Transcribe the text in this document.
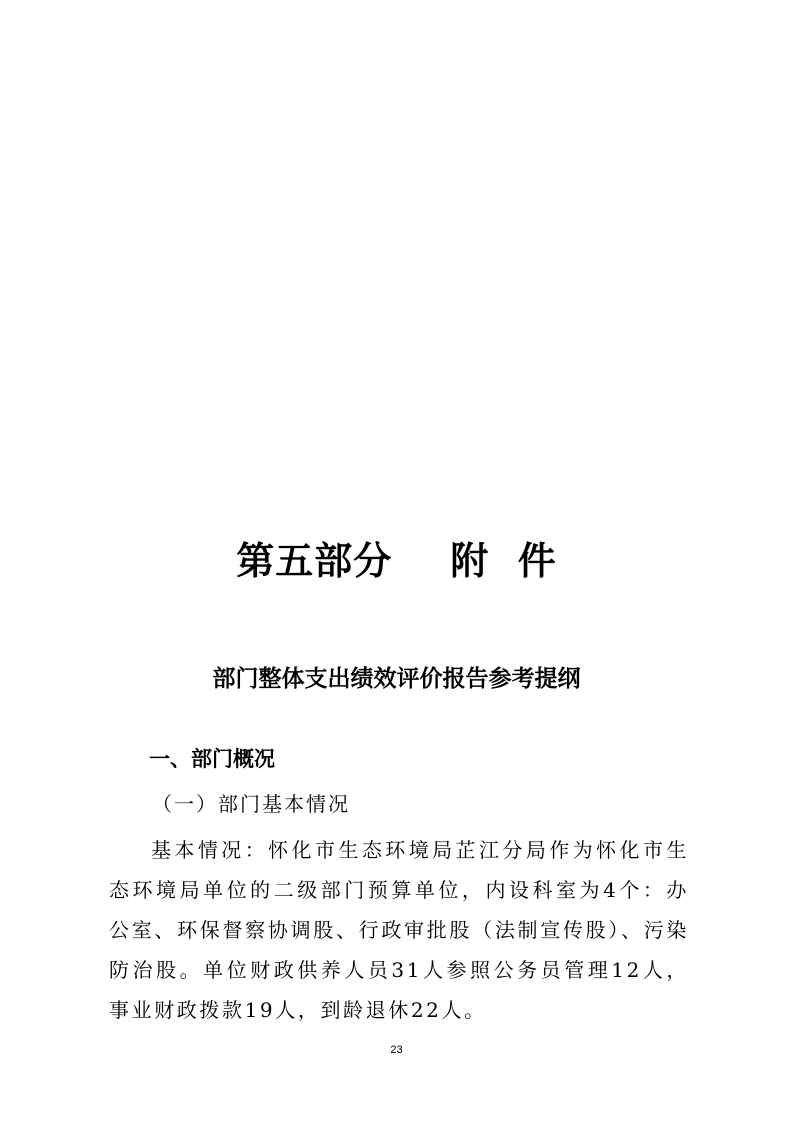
第五部分 附  件
部门整体支出绩效评价报告参考提纲
一、部门概况
（一）部门基本情况

基本情况：怀化市生态环境局芷江分局作为怀化市生态环境局单位的二级部门预算单位，内设科室为4个：办公室、环保督察协调股、行政审批股（法制宣传股）、污染防治股。单位财政供养人员31人参照公务员管理12人，事业财政拨款19人，到龄退休22人。

23
